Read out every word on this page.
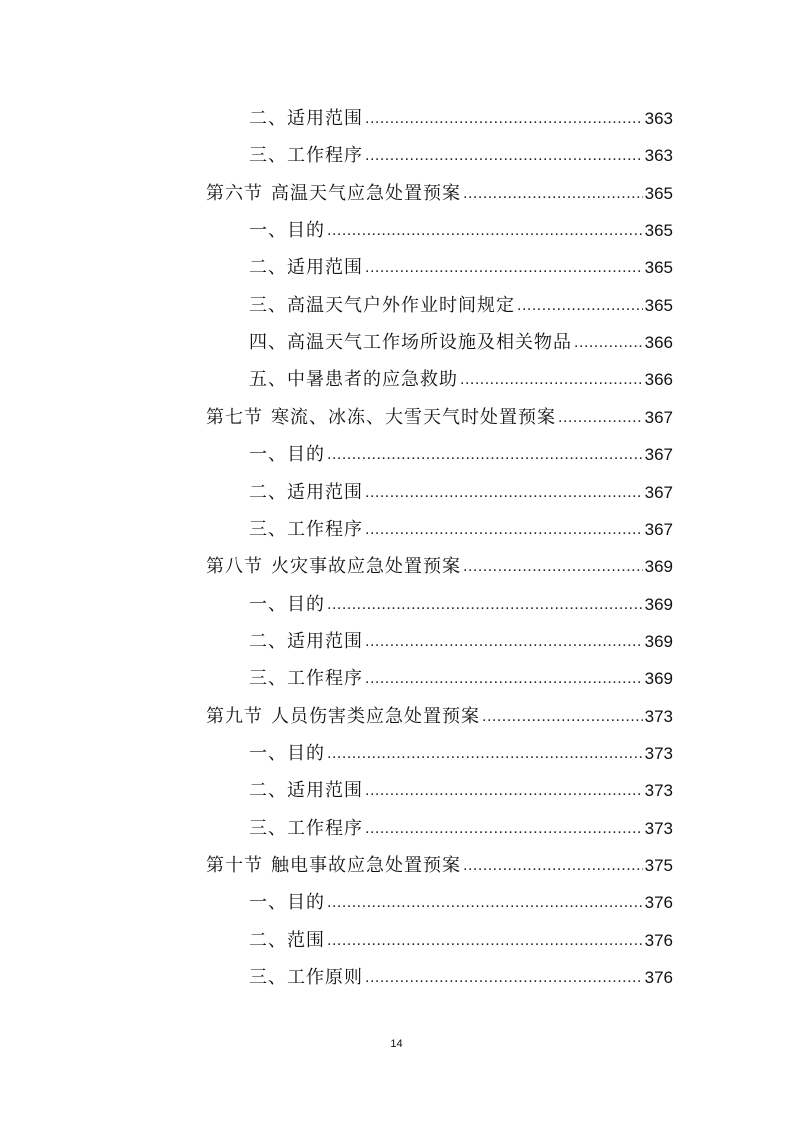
二、适用范围 .....	363
三、工作程序 .....	363
第六节 高温天气应急处置预案 .....	365
一、目的 .....	365
二、适用范围 .....	365
三、高温天气户外作业时间规定 .....	365
四、高温天气工作场所设施及相关物品 .....	366
五、中暑患者的应急救助 .....	366
第七节 寒流、冰冻、大雪天气时处置预案 .....	367
一、目的 .....	367
二、适用范围 .....	367
三、工作程序 .....	367
第八节 火灾事故应急处置预案 .....	369
一、目的 .....	369
二、适用范围 .....	369
三、工作程序 .....	369
第九节 人员伤害类应急处置预案 .....	373
一、目的 .....	373
二、适用范围 .....	373
三、工作程序 .....	373
第十节 触电事故应急处置预案 .....	375
一、目的 .....	376
二、范围 .....	376
三、工作原则 .....	376
14
